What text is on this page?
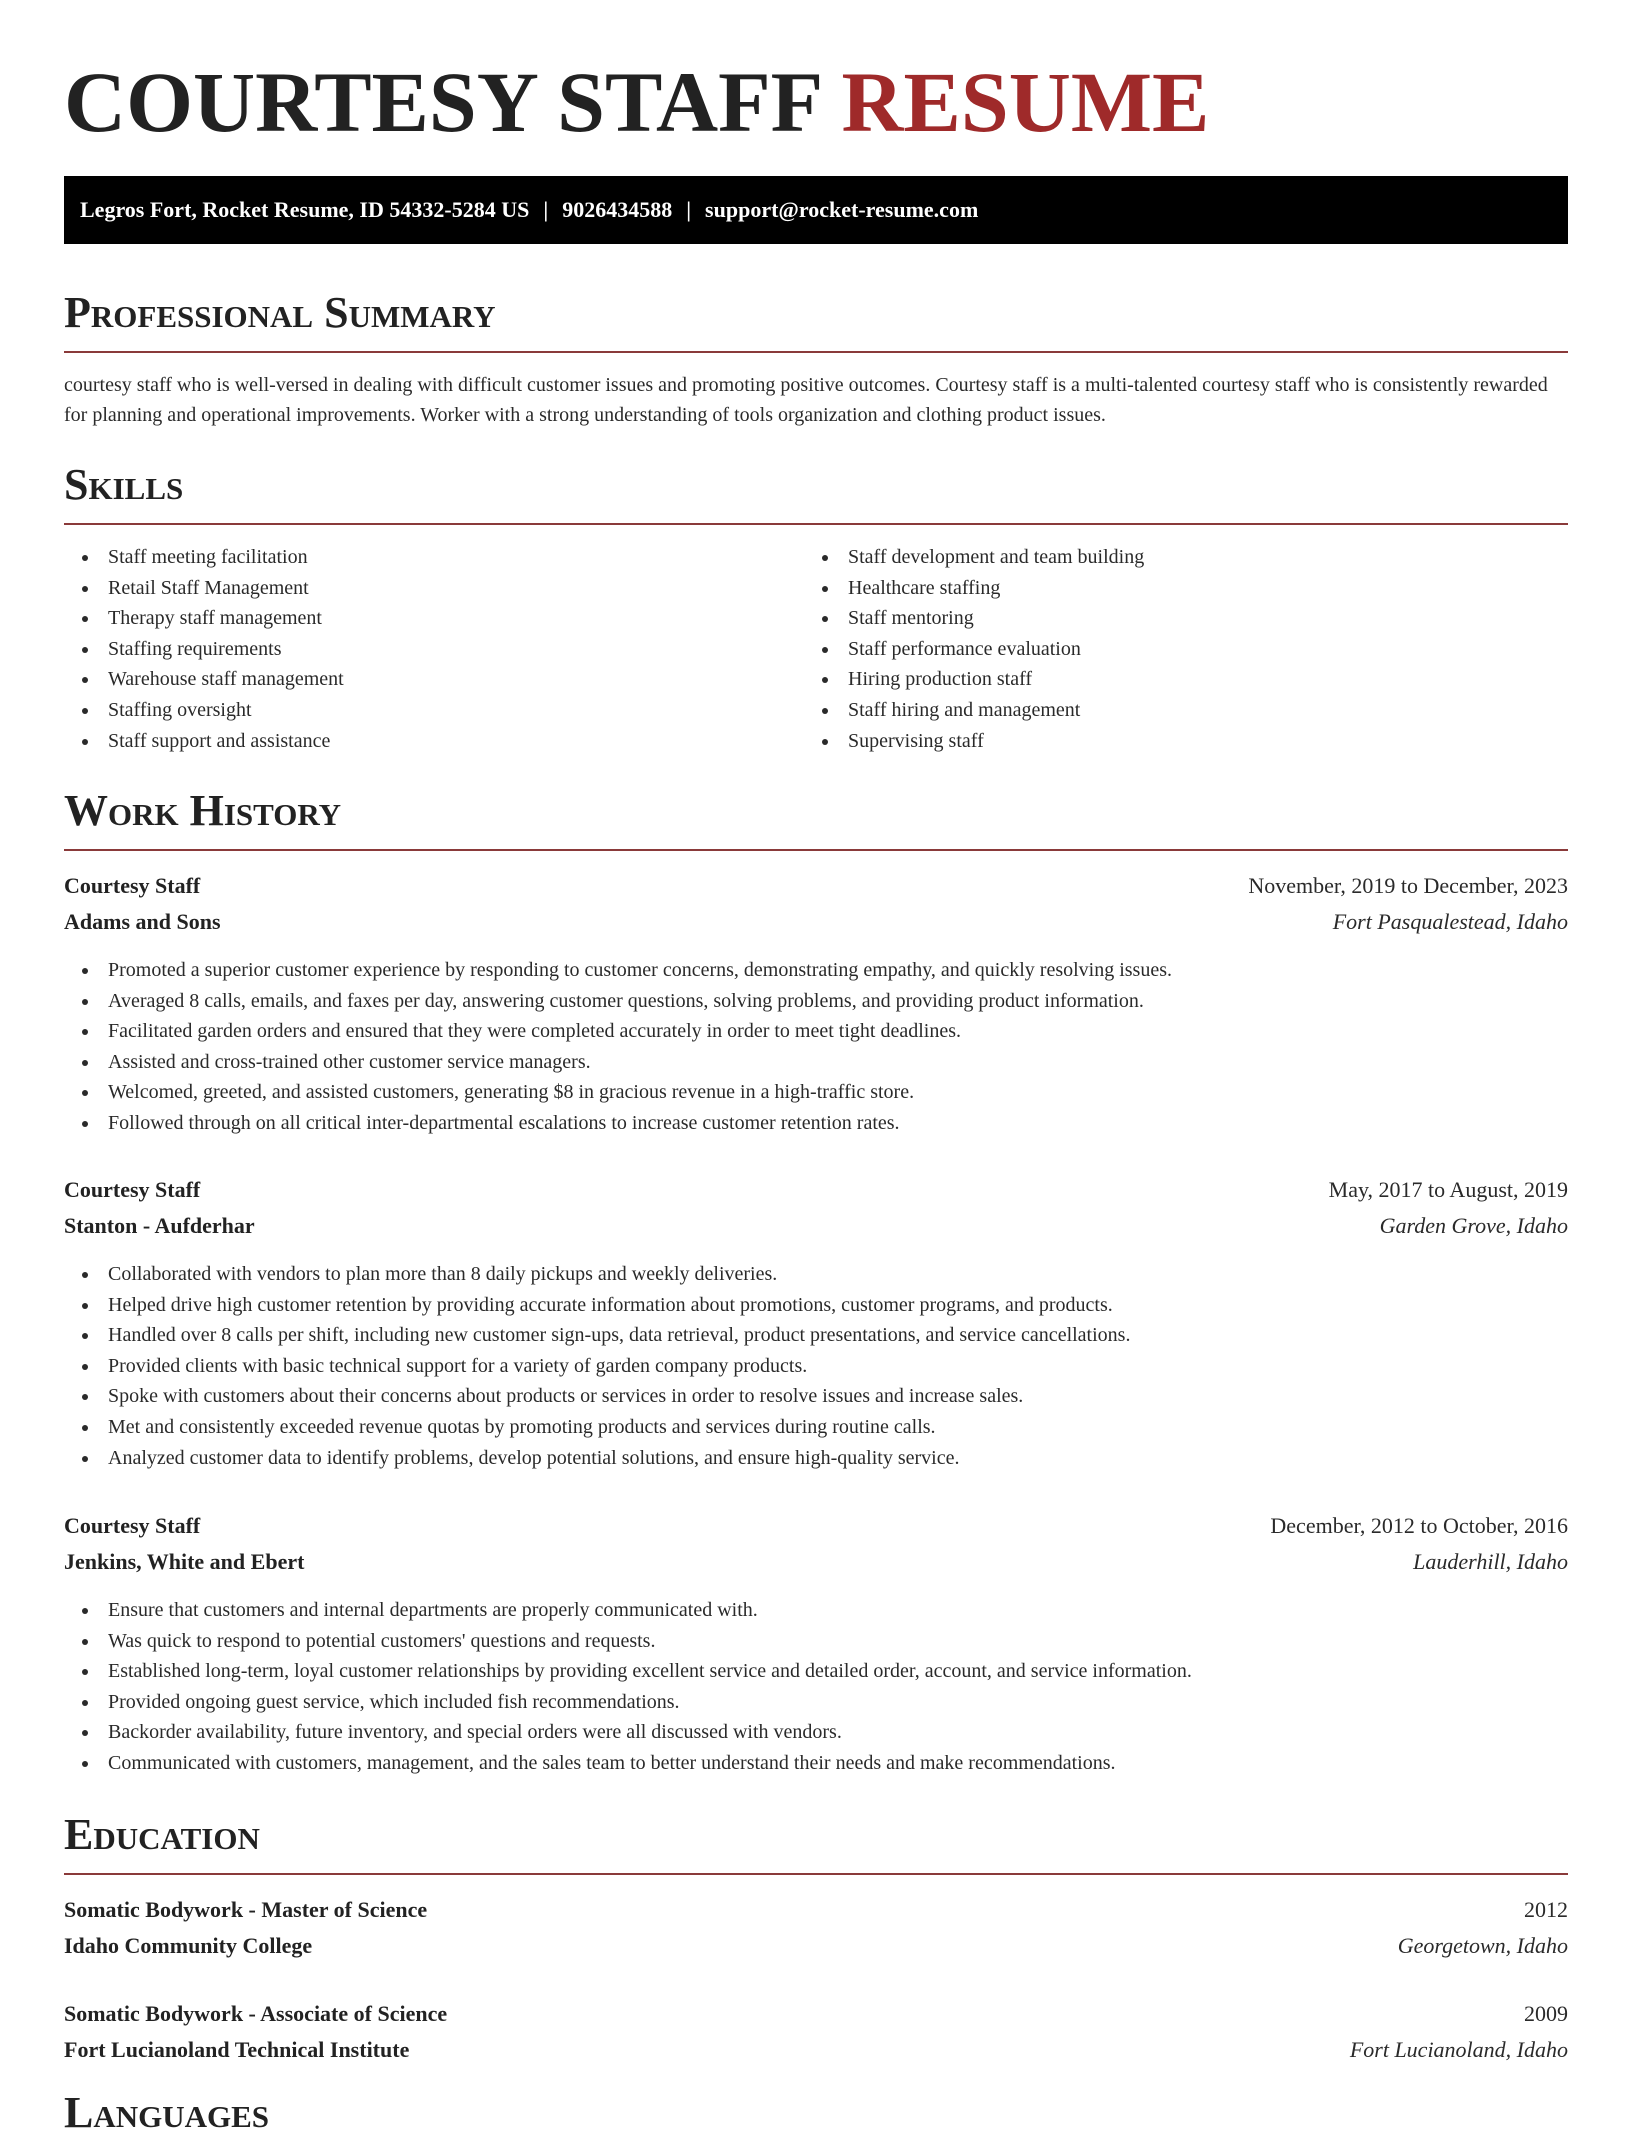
COURTESY STAFF RESUME
Legros Fort, Rocket Resume, ID 54332-5284 US | 9026434588 | support@rocket-resume.com
Professional Summary

courtesy staff who is well-versed in dealing with difficult customer issues and promoting positive outcomes. Courtesy staff is a multi-talented courtesy staff who is consistently rewarded for planning and operational improvements. Worker with a strong understanding of tools organization and clothing product issues.

Skills
Staff meeting facilitation
Retail Staff Management
Therapy staff management
Staffing requirements
Warehouse staff management
Staffing oversight
Staff support and assistance
Staff development and team building
Healthcare staffing
Staff mentoring
Staff performance evaluation
Hiring production staff
Staff hiring and management
Supervising staff
Work History
Courtesy Staff	November, 2019 to December, 2023
Adams and Sons	Fort Pasqualestead, Idaho
Promoted a superior customer experience by responding to customer concerns, demonstrating empathy, and quickly resolving issues.
Averaged 8 calls, emails, and faxes per day, answering customer questions, solving problems, and providing product information.
Facilitated garden orders and ensured that they were completed accurately in order to meet tight deadlines.
Assisted and cross-trained other customer service managers.
Welcomed, greeted, and assisted customers, generating $8 in gracious revenue in a high-traffic store.
Followed through on all critical inter-departmental escalations to increase customer retention rates.
Courtesy Staff	May, 2017 to August, 2019
Stanton - Aufderhar	Garden Grove, Idaho
Collaborated with vendors to plan more than 8 daily pickups and weekly deliveries.
Helped drive high customer retention by providing accurate information about promotions, customer programs, and products.
Handled over 8 calls per shift, including new customer sign-ups, data retrieval, product presentations, and service cancellations.
Provided clients with basic technical support for a variety of garden company products.
Spoke with customers about their concerns about products or services in order to resolve issues and increase sales.
Met and consistently exceeded revenue quotas by promoting products and services during routine calls.
Analyzed customer data to identify problems, develop potential solutions, and ensure high-quality service.
Courtesy Staff	December, 2012 to October, 2016
Jenkins, White and Ebert	Lauderhill, Idaho
Ensure that customers and internal departments are properly communicated with.
Was quick to respond to potential customers' questions and requests.
Established long-term, loyal customer relationships by providing excellent service and detailed order, account, and service information.
Provided ongoing guest service, which included fish recommendations.
Backorder availability, future inventory, and special orders were all discussed with vendors.
Communicated with customers, management, and the sales team to better understand their needs and make recommendations.
Education
Somatic Bodywork - Master of Science	2012
Idaho Community College	Georgetown, Idaho
Somatic Bodywork - Associate of Science	2009
Fort Lucianoland Technical Institute	Fort Lucianoland, Idaho
Languages
